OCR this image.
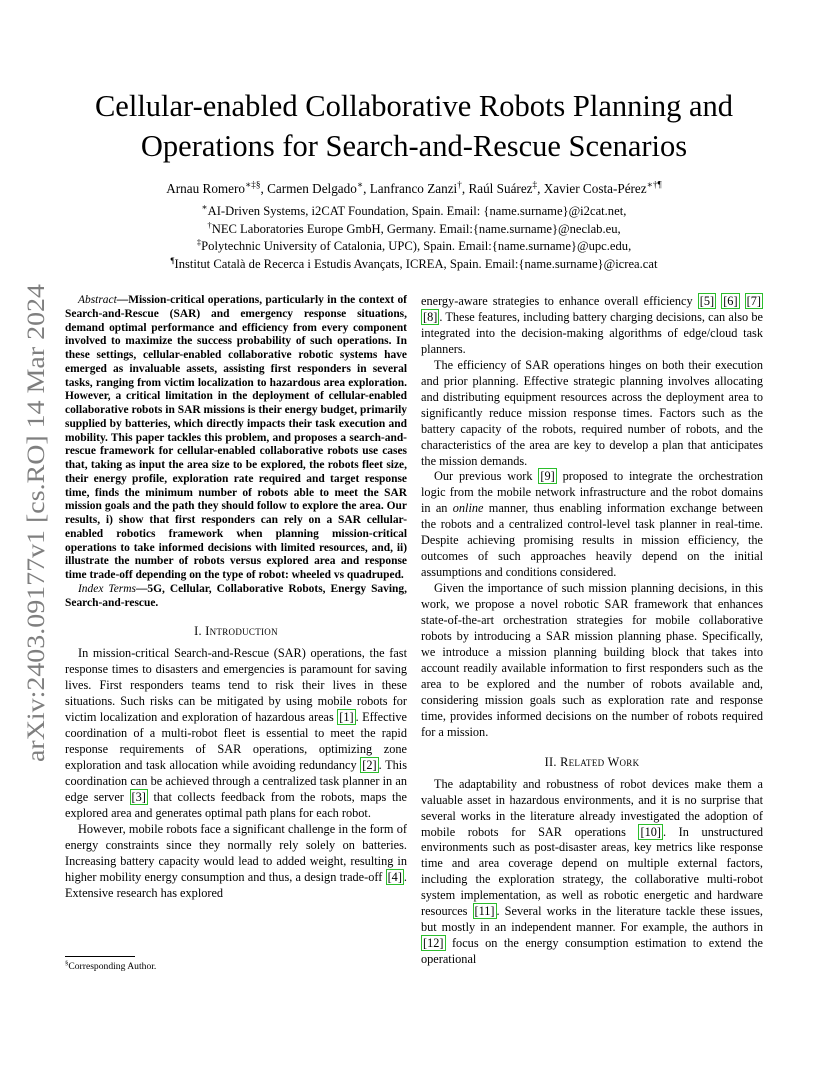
arXiv:2403.09177v1 [cs.RO] 14 Mar 2024
Cellular-enabled Collaborative Robots Planning and
Operations for Search-and-Rescue Scenarios
Arnau Romero∗‡§, Carmen Delgado∗, Lanfranco Zanzi†, Raúl Suárez‡, Xavier Costa-Pérez∗†¶
∗AI-Driven Systems, i2CAT Foundation, Spain. Email: {name.surname}@i2cat.net,
†NEC Laboratories Europe GmbH, Germany. Email:{name.surname}@neclab.eu,
‡Polytechnic University of Catalonia, UPC), Spain. Email:{name.surname}@upc.edu,
¶Institut Català de Recerca i Estudis Avançats, ICREA, Spain. Email:{name.surname}@icrea.cat

Abstract—Mission-critical operations, particularly in the context of Search-and-Rescue (SAR) and emergency response situations, demand optimal performance and efficiency from every component involved to maximize the success probability of such operations. In these settings, cellular-enabled collaborative robotic systems have emerged as invaluable assets, assisting first responders in several tasks, ranging from victim localization to hazardous area exploration. However, a critical limitation in the deployment of cellular-enabled collaborative robots in SAR missions is their energy budget, primarily supplied by batteries, which directly impacts their task execution and mobility. This paper tackles this problem, and proposes a search-and-rescue framework for cellular-enabled collaborative robots use cases that, taking as input the area size to be explored, the robots fleet size, their energy profile, exploration rate required and target response time, finds the minimum number of robots able to meet the SAR mission goals and the path they should follow to explore the area. Our results, i) show that first responders can rely on a SAR cellular-enabled robotics framework when planning mission-critical operations to take informed decisions with limited resources, and, ii) illustrate the number of robots versus explored area and response time trade-off depending on the type of robot: wheeled vs quadruped.

Index Terms—5G, Cellular, Collaborative Robots, Energy Saving, Search-and-rescue.

I. Introduction

In mission-critical Search-and-Rescue (SAR) operations, the fast response times to disasters and emergencies is paramount for saving lives. First responders teams tend to risk their lives in these situations. Such risks can be mitigated by using mobile robots for victim localization and exploration of hazardous areas [1] . Effective coordination of a multi-robot fleet is essential to meet the rapid response requirements of SAR operations, optimizing zone exploration and task allocation while avoiding redundancy [2] . This coordination can be achieved through a centralized task planner in an edge server [3] that collects feedback from the robots, maps the explored area and generates optimal path plans for each robot.

However, mobile robots face a significant challenge in the form of energy constraints since they normally rely solely on batteries. Increasing battery capacity would lead to added weight, resulting in higher mobility energy consumption and thus, a design trade-off [4] . Extensive research has explored

§Corresponding Author.

energy-aware strategies to enhance overall efficiency [5] [6] [7] [8] . These features, including battery charging decisions, can also be integrated into the decision-making algorithms of edge/cloud task planners.

The efficiency of SAR operations hinges on both their execution and prior planning. Effective strategic planning involves allocating and distributing equipment resources across the deployment area to significantly reduce mission response times. Factors such as the battery capacity of the robots, required number of robots, and the characteristics of the area are key to develop a plan that anticipates the mission demands.

Our previous work [9] proposed to integrate the orchestration logic from the mobile network infrastructure and the robot domains in an online manner, thus enabling information exchange between the robots and a centralized control-level task planner in real-time. Despite achieving promising results in mission efficiency, the outcomes of such approaches heavily depend on the initial assumptions and conditions considered.

Given the importance of such mission planning decisions, in this work, we propose a novel robotic SAR framework that enhances state-of-the-art orchestration strategies for mobile collaborative robots by introducing a SAR mission planning phase. Specifically, we introduce a mission planning building block that takes into account readily available information to first responders such as the area to be explored and the number of robots available and, considering mission goals such as exploration rate and response time, provides informed decisions on the number of robots required for a mission.

II. Related Work

The adaptability and robustness of robot devices make them a valuable asset in hazardous environments, and it is no surprise that several works in the literature already investigated the adoption of mobile robots for SAR operations [10] . In unstructured environments such as post-disaster areas, key metrics like response time and area coverage depend on multiple external factors, including the exploration strategy, the collaborative multi-robot system implementation, as well as robotic energetic and hardware resources [11] . Several works in the literature tackle these issues, but mostly in an independent manner. For example, the authors in [12] focus on the energy consumption estimation to extend the operational
